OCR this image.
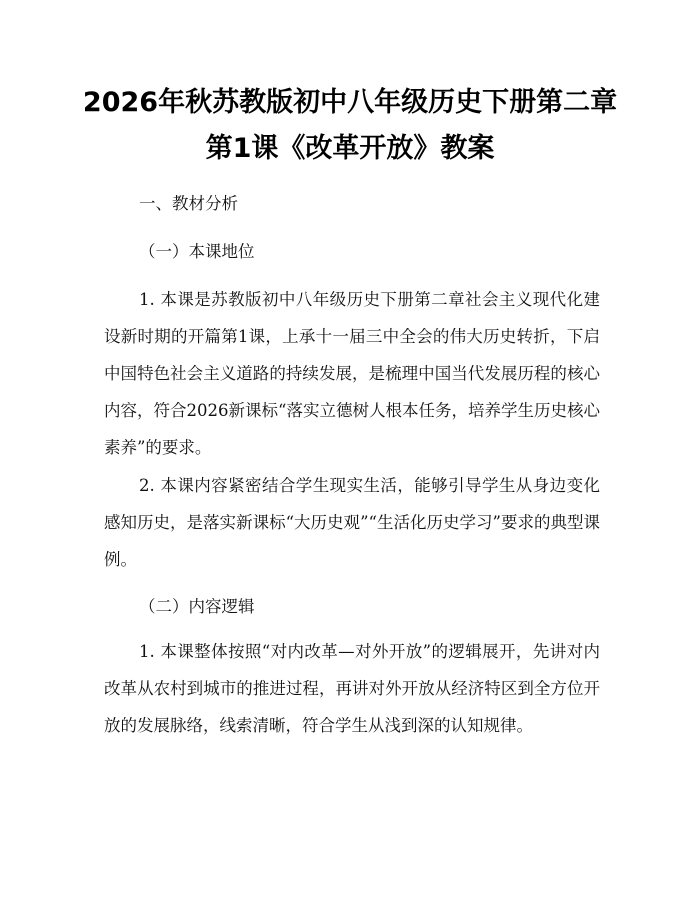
2026年秋苏教版初中八年级历史下册第二章
第1课《改革开放》教案
一、教材分析
（一）本课地位
1. 本课是苏教版初中八年级历史下册第二章社会主义现代化建设新时期的开篇第1课，上承十一届三中全会的伟大历史转折，下启中国特色社会主义道路的持续发展，是梳理中国当代发展历程的核心内容，符合2026新课标“落实立德树人根本任务，培养学生历史核心素养”的要求。
2. 本课内容紧密结合学生现实生活，能够引导学生从身边变化感知历史，是落实新课标“大历史观”“生活化历史学习”要求的典型课例。
（二）内容逻辑
1. 本课整体按照“对内改革—对外开放”的逻辑展开，先讲对内改革从农村到城市的推进过程，再讲对外开放从经济特区到全方位开放的发展脉络，线索清晰，符合学生从浅到深的认知规律。
